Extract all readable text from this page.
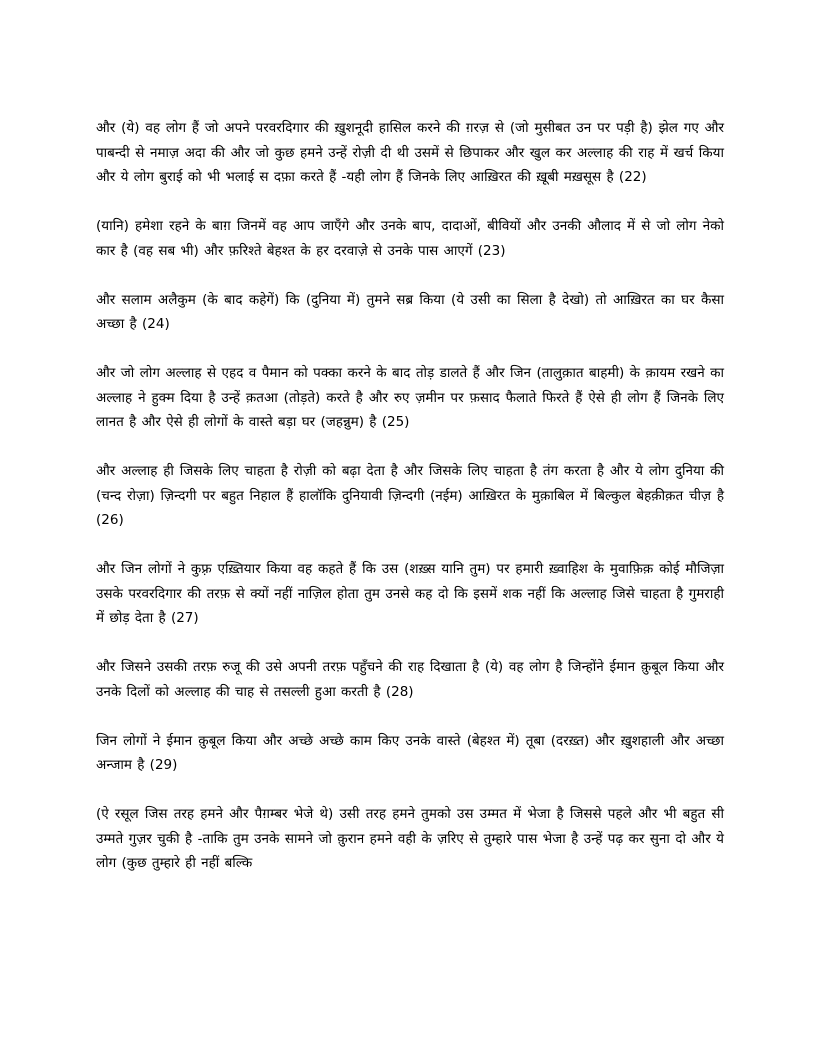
और (ये) वह लोग हैं जो अपने परवरदिगार की ख़ुशनूदी हासिल करने की ग़रज़ से (जो मुसीबत उन पर पड़ी है) झेल गए और पाबन्दी से नमाज़ अदा की और जो कुछ हमने उन्हें रोज़ी दी थी उसमें से छिपाकर और खुल कर अल्लाह की राह में खर्च किया और ये लोग बुराई को भी भलाई स दफ़ा करते हैं -यही लोग हैं जिनके लिए आख़िरत की ख़ूबी मख़सूस है (22)

(यानि) हमेशा रहने के बाग़ जिनमें वह आप जाएँगे और उनके बाप, दादाओं, बीवियों और उनकी औलाद में से जो लोग नेको कार है (वह सब भी) और फ़रिश्ते बेहश्त के हर दरवाज़े से उनके पास आएगें (23)

और सलाम अलैकुम (के बाद कहेगें) कि (दुनिया में) तुमने सब्र किया (ये उसी का सिला है देखो) तो आख़िरत का घर कैसा अच्छा है (24)

और जो लोग अल्लाह से एहद व पैमान को पक्का करने के बाद तोड़ डालते हैं और जिन (तालुक़ात बाहमी) के क़ायम रखने का अल्लाह ने हुक्म दिया है उन्हें क़तआ (तोड़ते) करते है और रुए ज़मीन पर फ़साद फैलाते फिरते हैं ऐसे ही लोग हैं जिनके लिए लानत है और ऐसे ही लोगों के वास्ते बड़ा घर (जहन्नुम) है (25)

और अल्लाह ही जिसके लिए चाहता है रोज़ी को बढ़ा देता है और जिसके लिए चाहता है तंग करता है और ये लोग दुनिया की (चन्द रोज़ा) ज़िन्दगी पर बहुत निहाल हैं हालॉकि दुनियावी ज़िन्दगी (नईम) आख़िरत के मुक़ाबिल में बिल्कुल बेहक़ीक़त चीज़ है (26)

और जिन लोगों ने कुफ़्र एख़्तियार किया वह कहते हैं कि उस (शख़्स यानि तुम) पर हमारी ख़्वाहिश के मुवाफ़िक़ कोई मौजिज़ा उसके परवरदिगार की तरफ़ से क्यों नहीं नाज़िल होता तुम उनसे कह दो कि इसमें शक नहीं कि अल्लाह जिसे चाहता है गुमराही में छोड़ देता है (27)

और जिसने उसकी तरफ़ रुजू की उसे अपनी तरफ़ पहुँचने की राह दिखाता है (ये) वह लोग है जिन्होंने ईमान क़ुबूल किया और उनके दिलों को अल्लाह की चाह से तसल्ली हुआ करती है (28)

जिन लोगों ने ईमान क़ुबूल किया और अच्छे अच्छे काम किए उनके वास्ते (बेहश्त में) तूबा (दरख़्त) और ख़ुशहाली और अच्छा अन्जाम है (29)

(ऐ रसूल जिस तरह हमने और पैग़म्बर भेजे थे) उसी तरह हमने तुमको उस उम्मत में भेजा है जिससे पहले और भी बहुत सी उम्मते गुज़र चुकी है -ताकि तुम उनके सामने जो क़ुरान हमने वही के ज़रिए से तुम्हारे पास भेजा है उन्हें पढ़ कर सुना दो और ये लोग (कुछ तुम्हारे ही नहीं बल्कि
